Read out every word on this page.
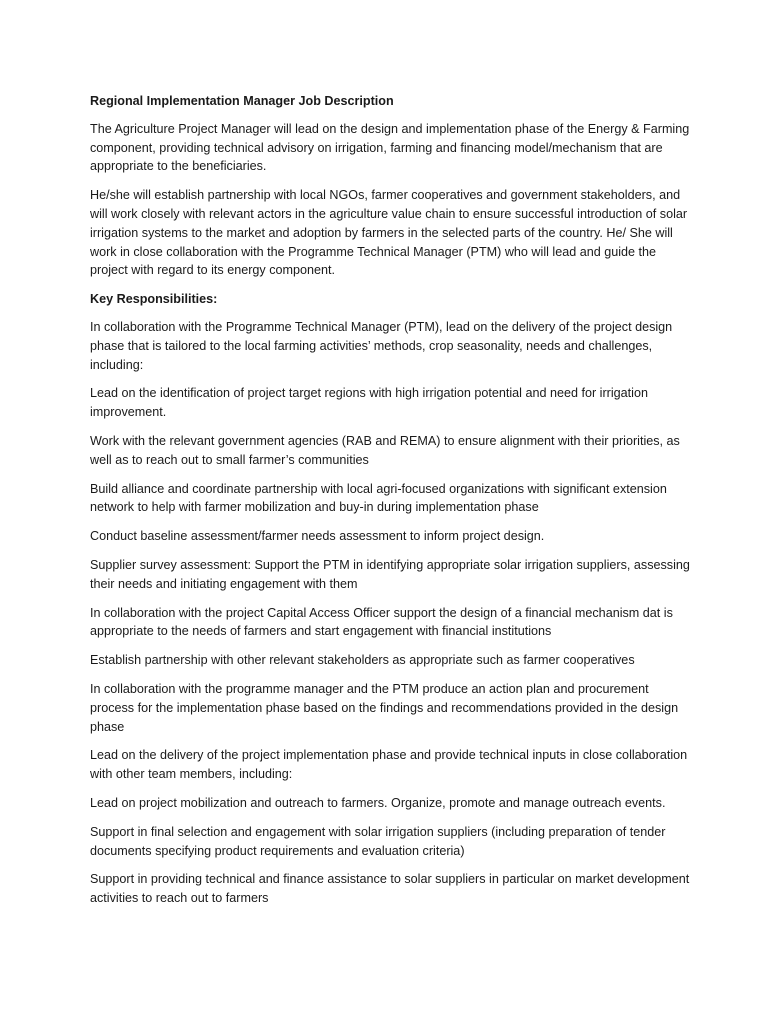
Regional Implementation Manager Job Description

The Agriculture Project Manager will lead on the design and implementation phase of the Energy & Farming component, providing technical advisory on irrigation, farming and financing model/mechanism that are appropriate to the beneficiaries.

He/she will establish partnership with local NGOs, farmer cooperatives and government stakeholders, and will work closely with relevant actors in the agriculture value chain to ensure successful introduction of solar irrigation systems to the market and adoption by farmers in the selected parts of the country. He/ She will work in close collaboration with the Programme Technical Manager (PTM) who will lead and guide the project with regard to its energy component.

Key Responsibilities:

In collaboration with the Programme Technical Manager (PTM), lead on the delivery of the project design phase that is tailored to the local farming activities’ methods, crop seasonality, needs and challenges, including:

Lead on the identification of project target regions with high irrigation potential and need for irrigation improvement.

Work with the relevant government agencies (RAB and REMA) to ensure alignment with their priorities, as well as to reach out to small farmer’s communities

Build alliance and coordinate partnership with local agri-focused organizations with significant extension network to help with farmer mobilization and buy-in during implementation phase

Conduct baseline assessment/farmer needs assessment to inform project design.

Supplier survey assessment: Support the PTM in identifying appropriate solar irrigation suppliers, assessing their needs and initiating engagement with them

In collaboration with the project Capital Access Officer support the design of a financial mechanism dat is appropriate to the needs of farmers and start engagement with financial institutions

Establish partnership with other relevant stakeholders as appropriate such as farmer cooperatives

In collaboration with the programme manager and the PTM produce an action plan and procurement process for the implementation phase based on the findings and recommendations provided in the design phase

Lead on the delivery of the project implementation phase and provide technical inputs in close collaboration with other team members, including:

Lead on project mobilization and outreach to farmers. Organize, promote and manage outreach events.

Support in final selection and engagement with solar irrigation suppliers (including preparation of tender documents specifying product requirements and evaluation criteria)

Support in providing technical and finance assistance to solar suppliers in particular on market development activities to reach out to farmers
